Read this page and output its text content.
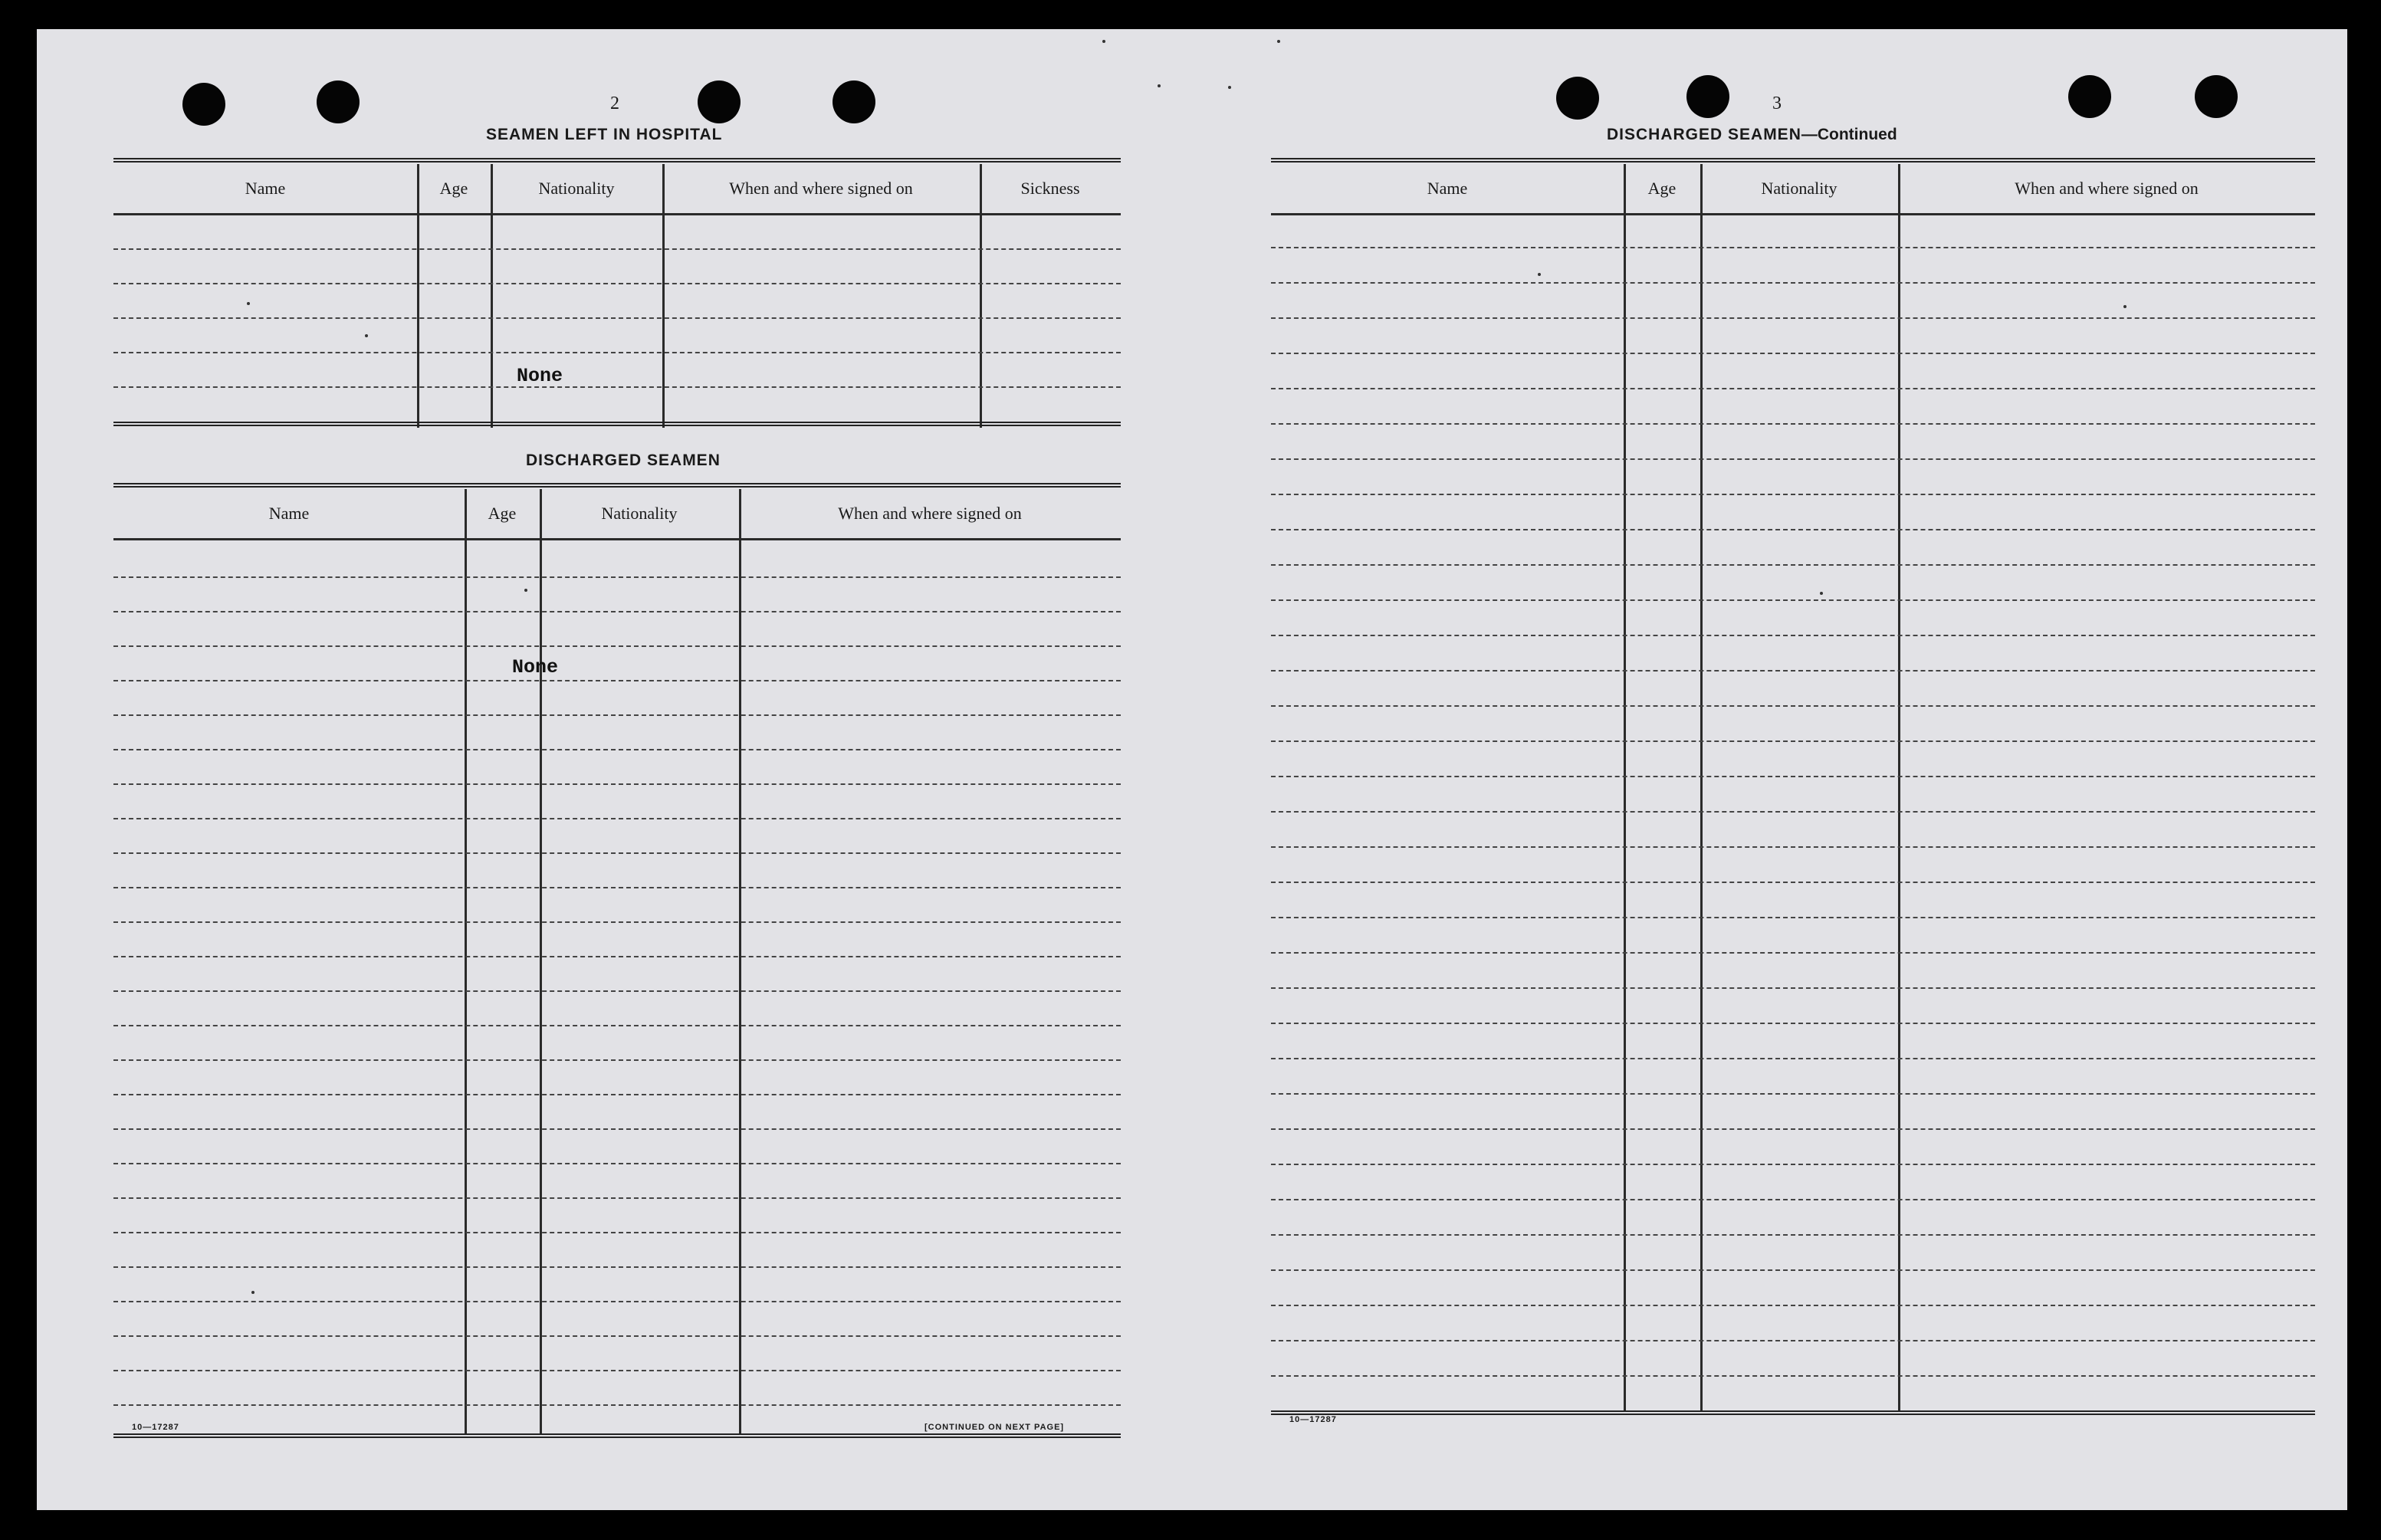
2
SEAMEN LEFT IN HOSPITAL
Name	Age	Nationality	When and where signed on	Sickness
None
DISCHARGED SEAMEN
Name	Age	Nationality	When and where signed on
None
10—17287	[CONTINUED ON NEXT PAGE]
3
DISCHARGED SEAMEN—Continued
Name	Age	Nationality	When and where signed on
10—17287
